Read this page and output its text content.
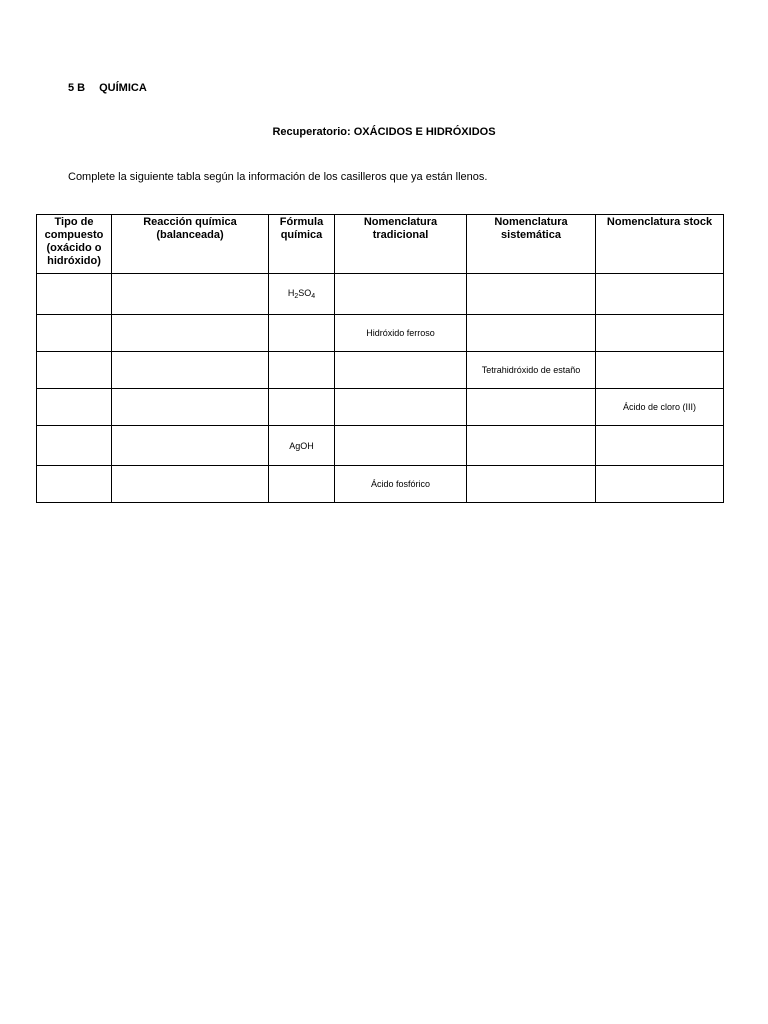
5 B QUÍMICA
Recuperatorio: OXÁCIDOS E HIDRÓXIDOS
Complete la siguiente tabla según la información de los casilleros que ya están llenos.
Tipo de compuesto (oxácido o hidróxido)	Reacción química (balanceada)	Fórmula química	Nomenclatura tradicional	Nomenclatura sistemática	Nomenclatura stock
		$H_2SO_4$			
			Hidróxido ferroso		
				Tetrahidróxido de estaño	
					Ácido de cloro (III)
		AgOH			
			Ácido fosfórico		
